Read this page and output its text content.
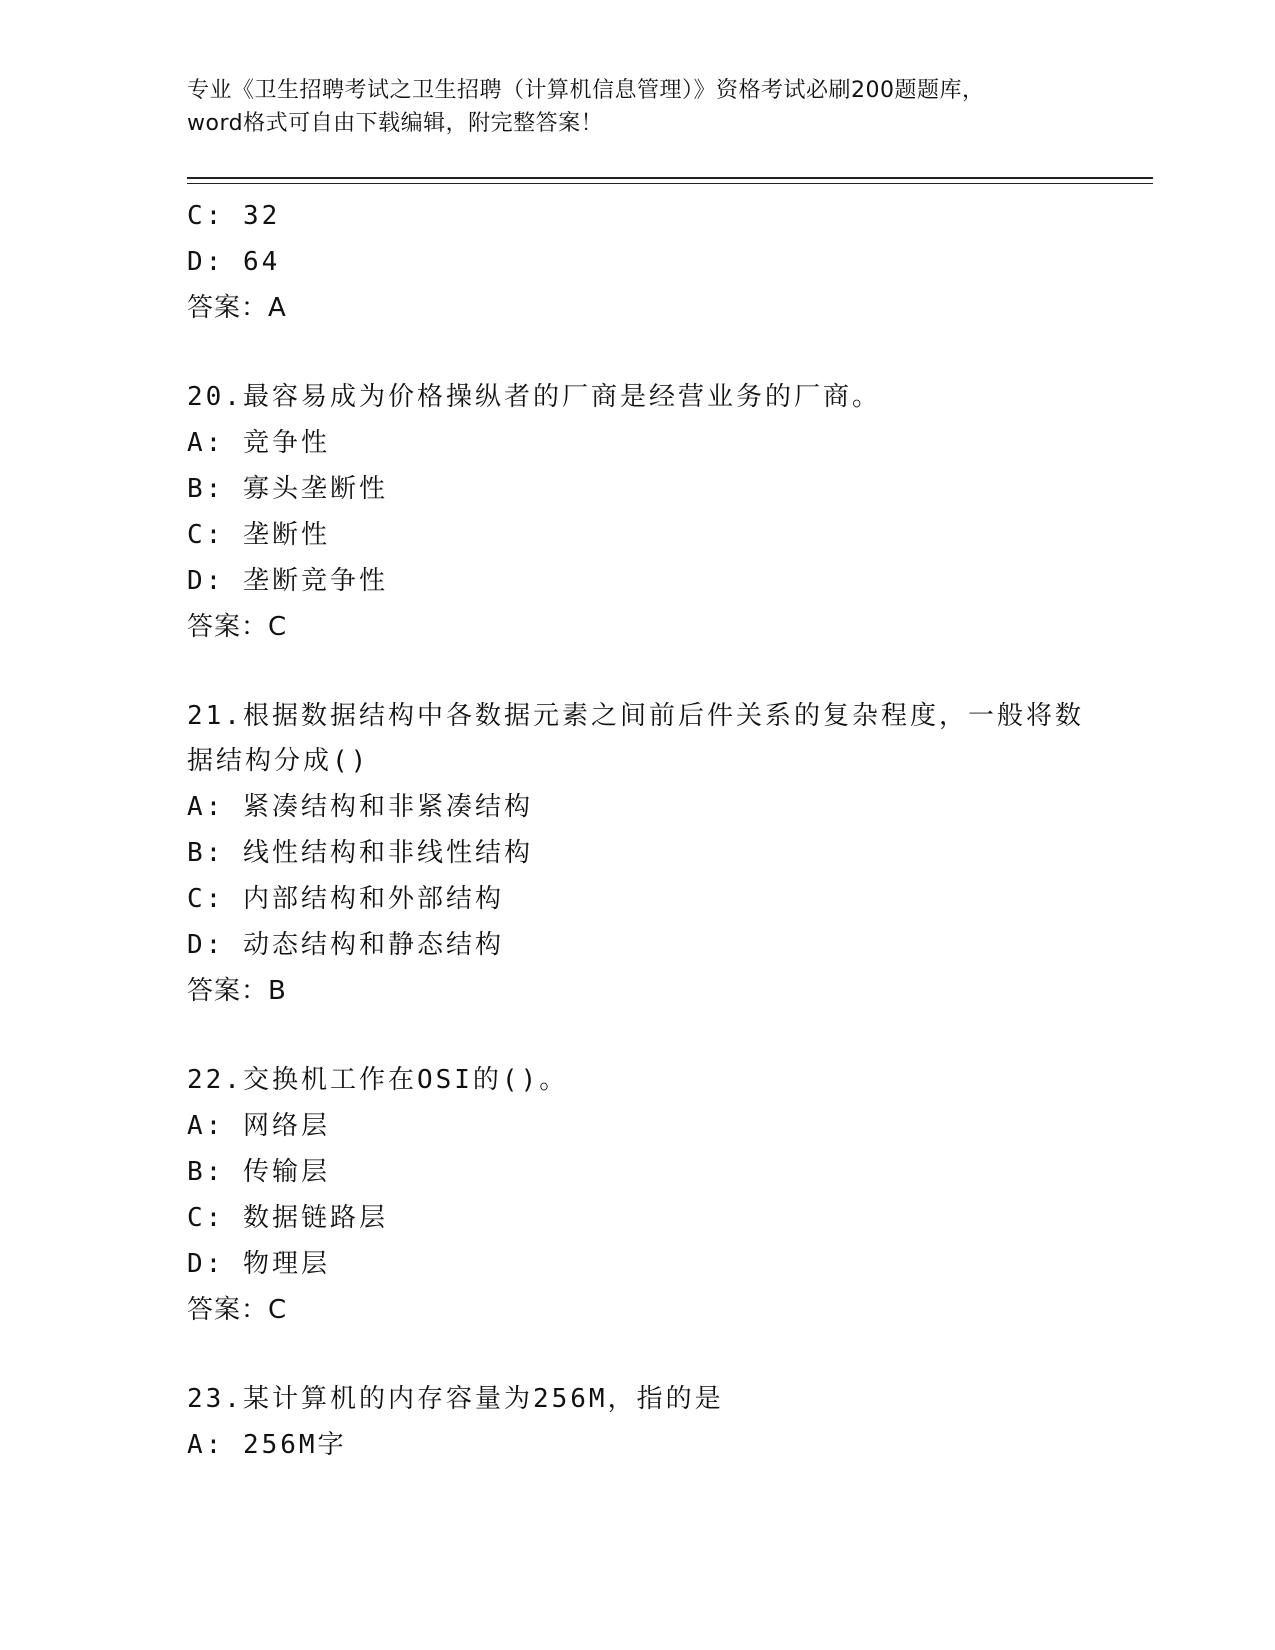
专业《卫生招聘考试之卫生招聘（计算机信息管理）》资格考试必刷200题题库，
word格式可自由下载编辑，附完整答案！
C: 32
D: 64
答案：A
20.最容易成为价格操纵者的厂商是经营业务的厂商。
A: 竞争性
B: 寡头垄断性
C: 垄断性
D: 垄断竞争性
答案：C
21.根据数据结构中各数据元素之间前后件关系的复杂程度，一般将数据结构分成()
A: 紧凑结构和非紧凑结构
B: 线性结构和非线性结构
C: 内部结构和外部结构
D: 动态结构和静态结构
答案：B
22.交换机工作在OSI的()。
A: 网络层
B: 传输层
C: 数据链路层
D: 物理层
答案：C
23.某计算机的内存容量为256M，指的是
A: 256M字
